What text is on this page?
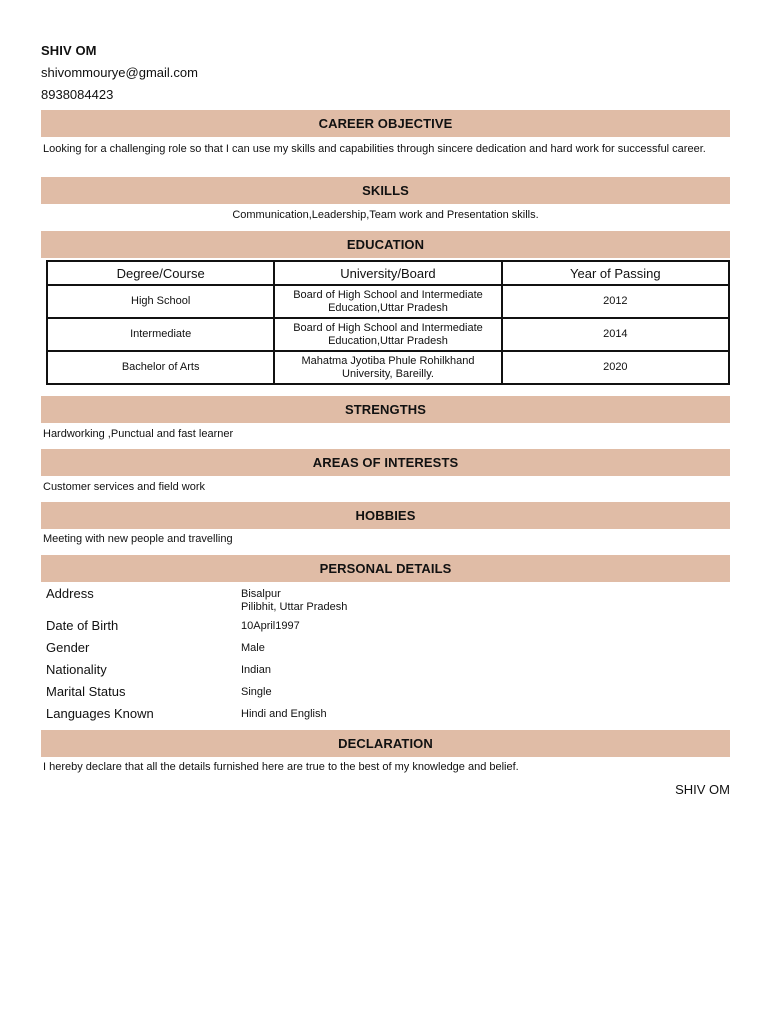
SHIV OM
shivommourye@gmail.com
8938084423
CAREER OBJECTIVE
Looking for a challenging role so that I can use my skills and capabilities through sincere dedication and hard work for successful career.
SKILLS
Communication,Leadership,Team work and Presentation skills.
EDUCATION
Degree/Course	University/Board	Year of Passing
High School	Board of High School and Intermediate Education,Uttar Pradesh	2012
Intermediate	Board of High School and Intermediate Education,Uttar Pradesh	2014
Bachelor of Arts	Mahatma Jyotiba Phule Rohilkhand University, Bareilly.	2020
STRENGTHS
Hardworking ,Punctual and fast learner
AREAS OF INTERESTS
Customer services and field work
HOBBIES
Meeting with new people and travelling
PERSONAL DETAILS
Address	Bisalpur
Pilibhit, Uttar Pradesh
Date of Birth	10April1997
Gender	Male
Nationality	Indian
Marital Status	Single
Languages Known	Hindi and English
DECLARATION
I hereby declare that all the details furnished here are true to the best of my knowledge and belief.
SHIV OM
